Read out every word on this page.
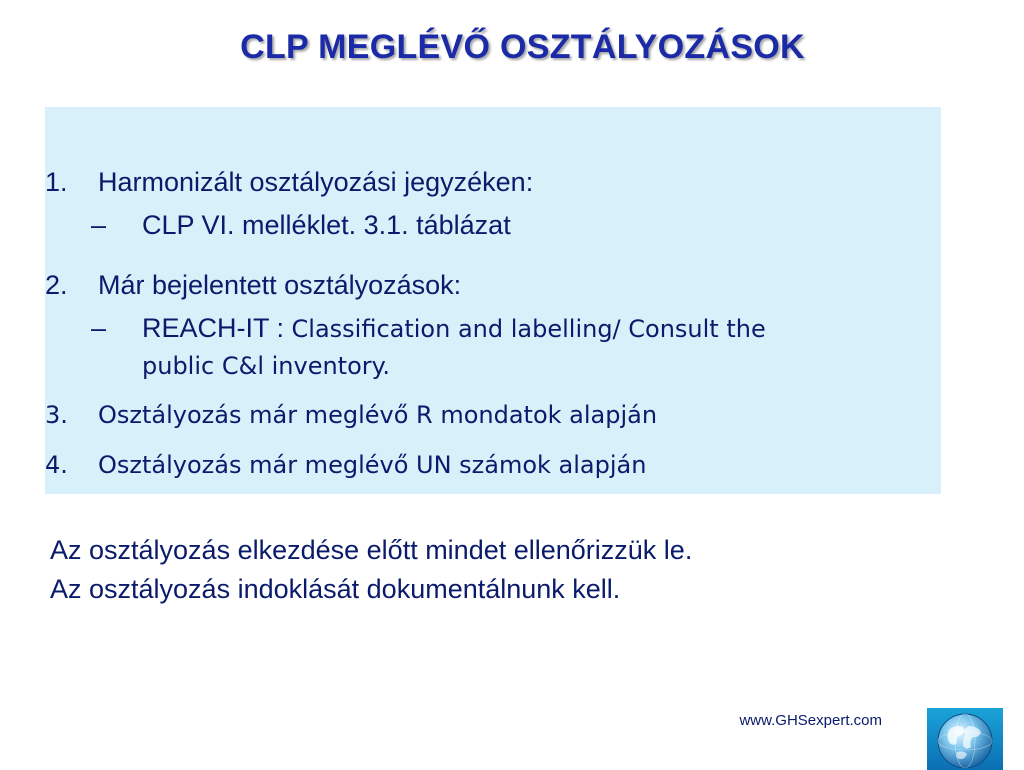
CLP MEGLÉVŐ OSZTÁLYOZÁSOK
1. Harmonizált osztályozási jegyzéken:
– CLP VI. melléklet. 3.1. táblázat
2. Már bejelentett osztályozások:
– REACH-IT : Classification and labelling/ Consult the
public C&l inventory.
3. Osztályozás már meglévő R mondatok alapján
4. Osztályozás már meglévő UN számok alapján
Az osztályozás elkezdése előtt mindet ellenőrizzük le.
Az osztályozás indoklását dokumentálnunk kell.
www.GHSexpert.com
